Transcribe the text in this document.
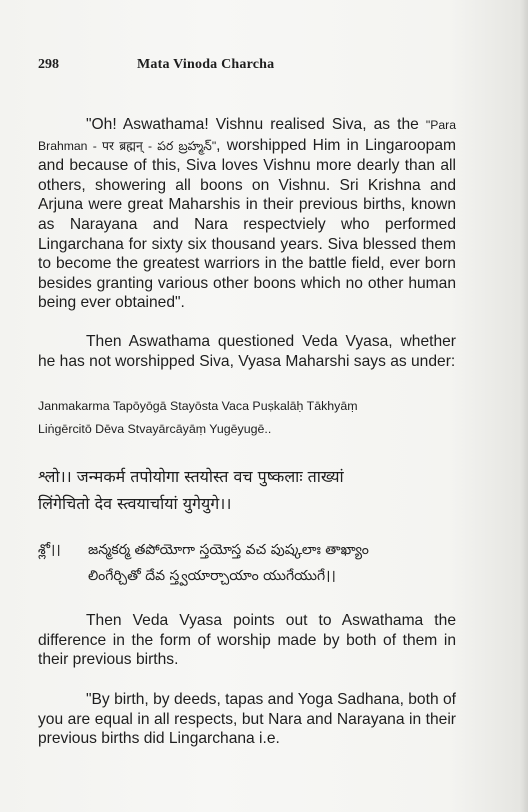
298	Mata Vinoda Charcha

"Oh! Aswathama! Vishnu realised Siva, as the "Para Brahman - पर ब्रह्मन् - పర బ్రహ్మన్", worshipped Him in Lingaroopam and because of this, Siva loves Vishnu more dearly than all others, showering all boons on Vishnu. Sri Krishna and Arjuna were great Maharshis in their previous births, known as Narayana and Nara respectviely who performed Lingarchana for sixty six thousand years. Siva blessed them to become the greatest warriors in the battle field, ever born besides granting various other boons which no other human being ever obtained".

Then Aswathama questioned Veda Vyasa, whether he has not worshipped Siva, Vyasa Maharshi says as under:

Janmakarma Tapōyōgā Stayōsta Vaca Puṣkalāḥ Tākhyāṃ
Liṅgērcitō Dēva Stvayārcāyāṃ Yugēyugē..
श्लो।। जन्मकर्म तपोयोगा स्तयोस्त वच पुष्कलाः ताख्यां
लिंगेचितो देव स्त्वयार्चायां युगेयुगे।।
శ్లో।। జన్మకర్మ తపోయోగా స్తయోస్త వచ పుష్కలాః తాఖ్యాం
లింగేర్చితో దేవ స్త్వయార్చాయాం యుగేయుగే।।

Then Veda Vyasa points out to Aswathama the difference in the form of worship made by both of them in their previous births.

"By birth, by deeds, tapas and Yoga Sadhana, both of you are equal in all respects, but Nara and Narayana in their previous births did Lingarchana i.e.
